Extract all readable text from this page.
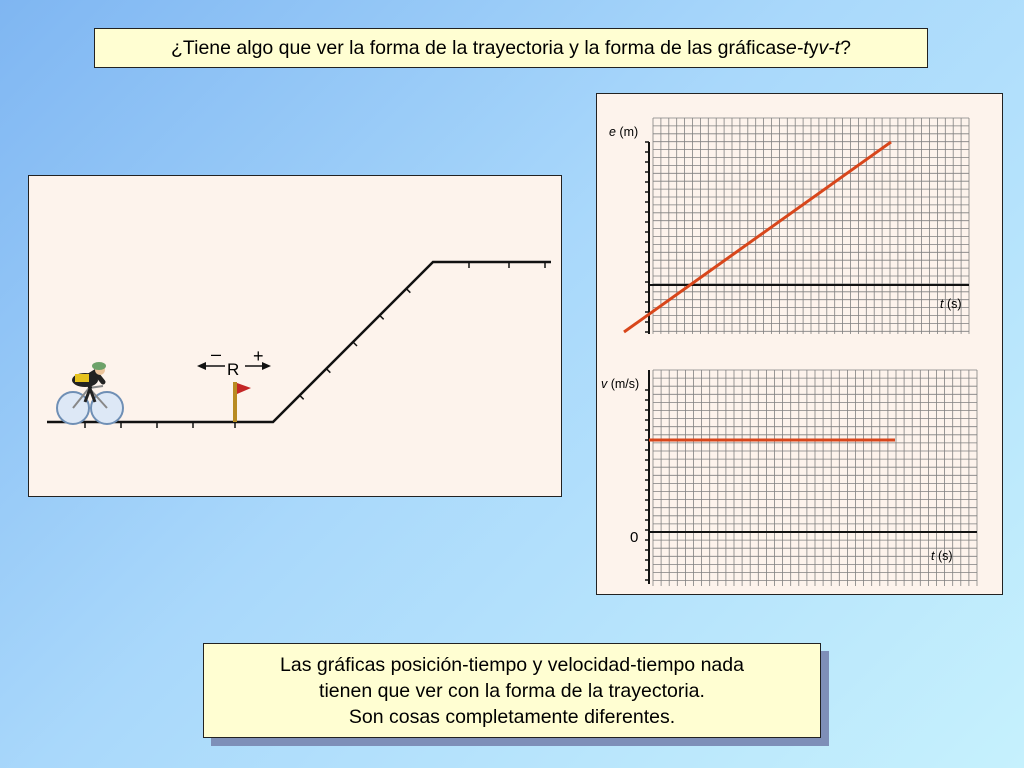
¿Tiene algo que ver la forma de la trayectoria y la forma de las gráficas e-t y v-t ?
– +
R
e (m)
t (s)
v (m/s)
0
t (s)
Las gráficas posición-tiempo y velocidad-tiempo nada
tienen que ver con la forma de la trayectoria.
Son cosas completamente diferentes.
